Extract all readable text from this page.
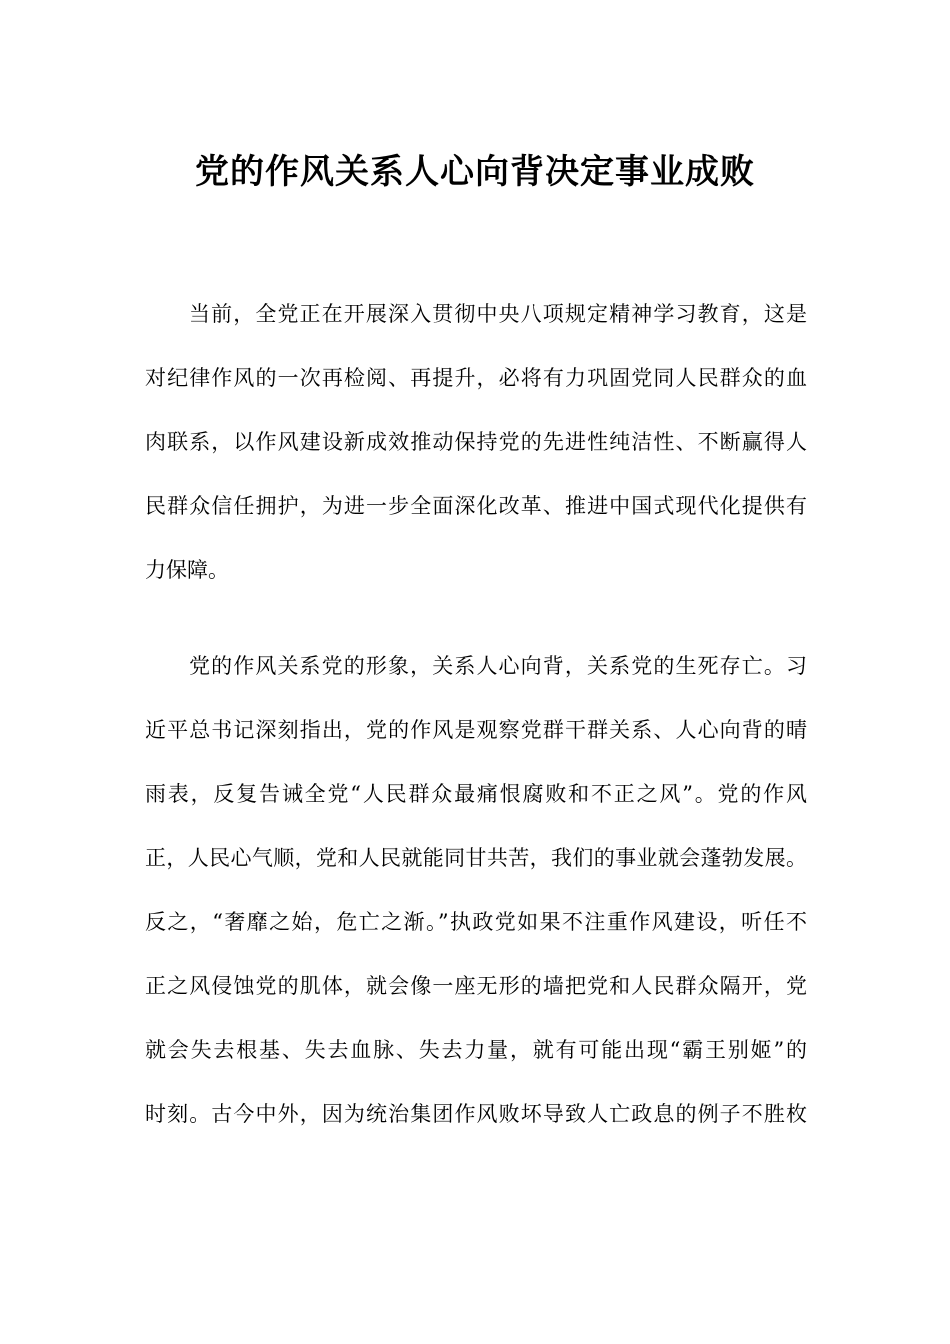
党的作风关系人心向背决定事业成败
当前，全党正在开展深入贯彻中央八项规定精神学习教育，这是
对纪律作风的一次再检阅、再提升，必将有力巩固党同人民群众的血
肉联系，以作风建设新成效推动保持党的先进性纯洁性、不断赢得人
民群众信任拥护，为进一步全面深化改革、推进中国式现代化提供有
力保障。
党的作风关系党的形象，关系人心向背，关系党的生死存亡。习
近平总书记深刻指出，党的作风是观察党群干群关系、人心向背的晴
雨表，反复告诫全党“人民群众最痛恨腐败和不正之风”。党的作风
正，人民心气顺，党和人民就能同甘共苦，我们的事业就会蓬勃发展。
反之，“奢靡之始，危亡之渐。”执政党如果不注重作风建设，听任不
正之风侵蚀党的肌体，就会像一座无形的墙把党和人民群众隔开，党
就会失去根基、失去血脉、失去力量，就有可能出现“霸王别姬”的
时刻。古今中外，因为统治集团作风败坏导致人亡政息的例子不胜枚
